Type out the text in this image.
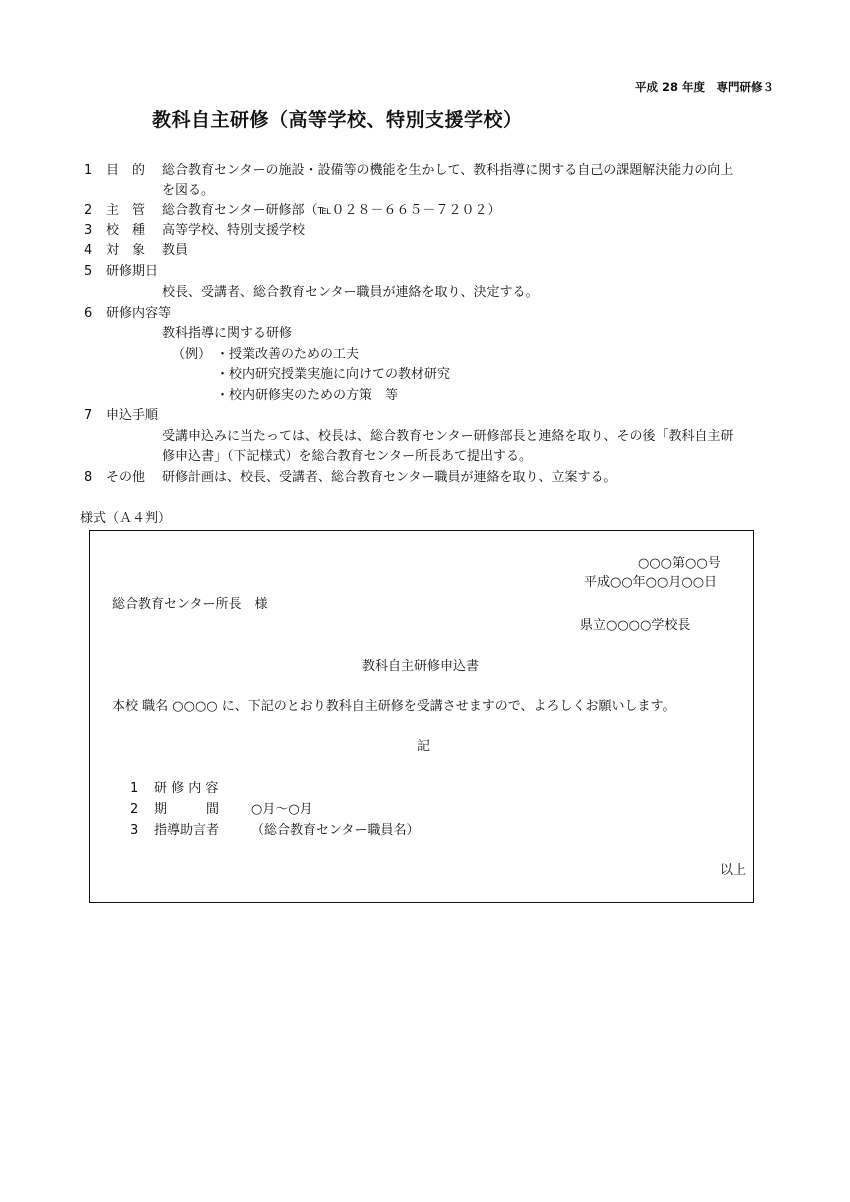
平成 28 年度　専門研修３
教科自主研修（高等学校、特別支援学校）
1 目　的 総合教育センターの施設・設備等の機能を生かして、教科指導に関する自己の課題解決能力の向上
を図る。
2 主　管 総合教育センター研修部（℡０２８－６６５－７２０２）
3 校　種 高等学校、特別支援学校
4 対　象 教員
5 研修期日
校長、受講者、総合教育センター職員が連絡を取り、決定する。
6 研修内容等
教科指導に関する研修
（例） ・授業改善のための工夫
・校内研究授業実施に向けての教材研究
・校内研修実のための方策　等
7 申込手順
受講申込みに当たっては、校長は、総合教育センター研修部長と連絡を取り、その後「教科自主研
修申込書」（下記様式）を総合教育センター所長あて提出する。
8 その他 研修計画は、校長、受講者、総合教育センター職員が連絡を取り、立案する。
様式（Ａ４判）
○○○第○○号
平成○○年○○月○○日
総合教育センター所長　様
県立○○○○学校長
教科自主研修申込書
本校 職名 ○○○○ に、下記のとおり教科自主研修を受講させますので、よろしくお願いします。
記
1 研 修 内 容
2 期　　　間 ○月～○月
3 指導助言者 （総合教育センター職員名）
以上
